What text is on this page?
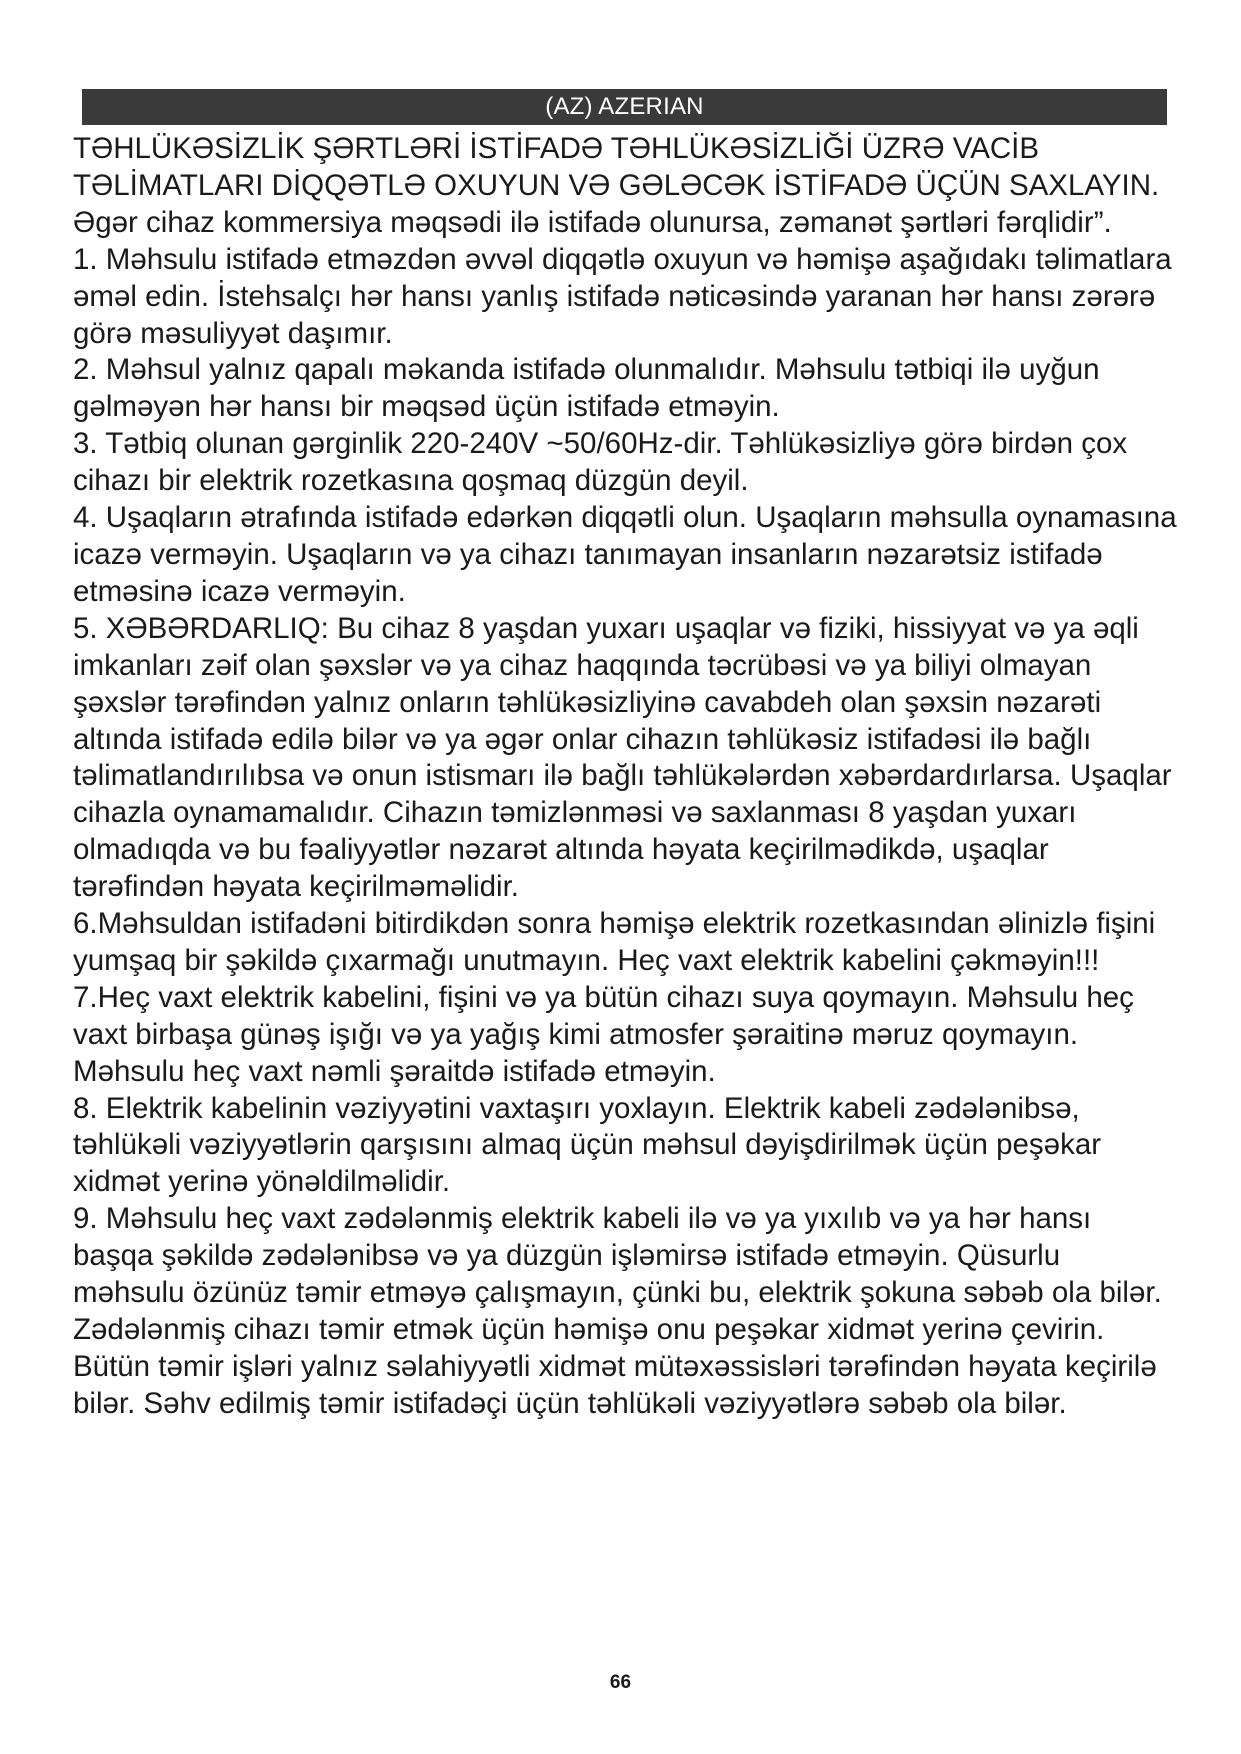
(AZ) AZERIAN

TƏHLÜKƏSİZLİK ŞƏRTLƏRİ İSTİFADƏ TƏHLÜKƏSİZLİĞİ ÜZRƏ VACİB TƏLİMATLARI DİQQƏTLƏ OXUYUN VƏ GƏLƏCƏK İSTİFADƏ ÜÇÜN SAXLAYIN.

Əgər cihaz kommersiya məqsədi ilə istifadə olunursa, zəmanət şərtləri fərqlidir”.

1. Məhsulu istifadə etməzdən əvvəl diqqətlə oxuyun və həmişə aşağıdakı təlimatlara əməl edin. İstehsalçı hər hansı yanlış istifadə nəticəsində yaranan hər hansı zərərə görə məsuliyyət daşımır.

2. Məhsul yalnız qapalı məkanda istifadə olunmalıdır. Məhsulu tətbiqi ilə uyğun gəlməyən hər hansı bir məqsəd üçün istifadə etməyin.

3. Tətbiq olunan gərginlik 220-240V ~50/60Hz-dir. Təhlükəsizliyə görə birdən çox cihazı bir elektrik rozetkasına qoşmaq düzgün deyil.

4. Uşaqların ətrafında istifadə edərkən diqqətli olun. Uşaqların məhsulla oynamasına icazə verməyin. Uşaqların və ya cihazı tanımayan insanların nəzarətsiz istifadə etməsinə icazə verməyin.

5. XƏBƏRDARLIQ: Bu cihaz 8 yaşdan yuxarı uşaqlar və fiziki, hissiyyat və ya əqli imkanları zəif olan şəxslər və ya cihaz haqqında təcrübəsi və ya biliyi olmayan şəxslər tərəfindən yalnız onların təhlükəsizliyinə cavabdeh olan şəxsin nəzarəti altında istifadə edilə bilər və ya əgər onlar cihazın təhlükəsiz istifadəsi ilə bağlı təlimatlandırılıbsa və onun istismarı ilə bağlı təhlükələrdən xəbərdardırlarsa. Uşaqlar cihazla oynamamalıdır. Cihazın təmizlənməsi və saxlanması 8 yaşdan yuxarı olmadıqda və bu fəaliyyətlər nəzarət altında həyata keçirilmədikdə, uşaqlar tərəfindən həyata keçirilməməlidir.

6.Məhsuldan istifadəni bitirdikdən sonra həmişə elektrik rozetkasından əlinizlə fişini yumşaq bir şəkildə çıxarmağı unutmayın. Heç vaxt elektrik kabelini çəkməyin!!!

7.Heç vaxt elektrik kabelini, fişini və ya bütün cihazı suya qoymayın. Məhsulu heç vaxt birbaşa günəş işığı və ya yağış kimi atmosfer şəraitinə məruz qoymayın. Məhsulu heç vaxt nəmli şəraitdə istifadə etməyin.

8. Elektrik kabelinin vəziyyətini vaxtaşırı yoxlayın. Elektrik kabeli zədələnibsə, təhlükəli vəziyyətlərin qarşısını almaq üçün məhsul dəyişdirilmək üçün peşəkar xidmət yerinə yönəldilməlidir.

9. Məhsulu heç vaxt zədələnmiş elektrik kabeli ilə və ya yıxılıb və ya hər hansı başqa şəkildə zədələnibsə və ya düzgün işləmirsə istifadə etməyin. Qüsurlu məhsulu özünüz təmir etməyə çalışmayın, çünki bu, elektrik şokuna səbəb ola bilər. Zədələnmiş cihazı təmir etmək üçün həmişə onu peşəkar xidmət yerinə çevirin. Bütün təmir işləri yalnız səlahiyyətli xidmət mütəxəssisləri tərəfindən həyata keçirilə bilər. Səhv edilmiş təmir istifadəçi üçün təhlükəli vəziyyətlərə səbəb ola bilər.

66
